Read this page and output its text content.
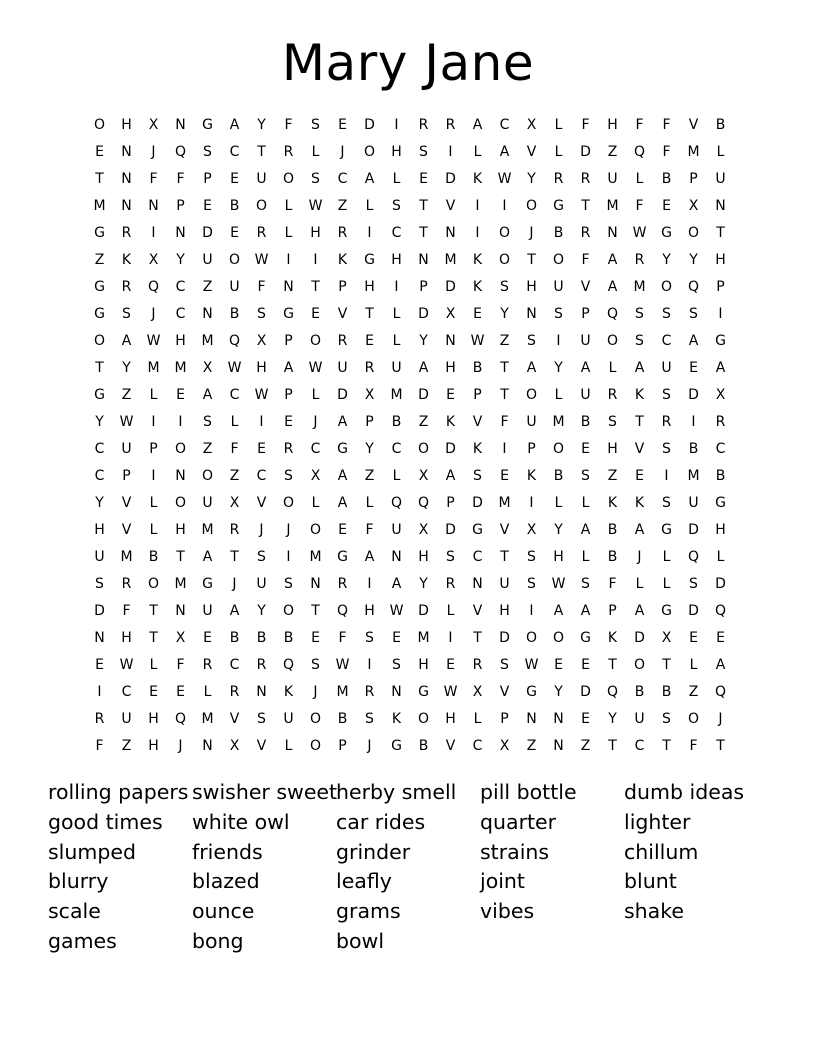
Mary Jane
O	H	X	N	G	A	Y	F	S	E	D	I	R	R	A	C	X	L	F	H	F	F	V	B
E	N	J	Q	S	C	T	R	L	J	O	H	S	I	L	A	V	L	D	Z	Q	F	M	L
T	N	F	F	P	E	U	O	S	C	A	L	E	D	K	W	Y	R	R	U	L	B	P	U
M	N	N	P	E	B	O	L	W	Z	L	S	T	V	I	I	O	G	T	M	F	E	X	N
G	R	I	N	D	E	R	L	H	R	I	C	T	N	I	O	J	B	R	N	W	G	O	T
Z	K	X	Y	U	O	W	I	I	K	G	H	N	M	K	O	T	O	F	A	R	Y	Y	H
G	R	Q	C	Z	U	F	N	T	P	H	I	P	D	K	S	H	U	V	A	M	O	Q	P
G	S	J	C	N	B	S	G	E	V	T	L	D	X	E	Y	N	S	P	Q	S	S	S	I
O	A	W	H	M	Q	X	P	O	R	E	L	Y	N	W	Z	S	I	U	O	S	C	A	G
T	Y	M	M	X	W	H	A	W	U	R	U	A	H	B	T	A	Y	A	L	A	U	E	A
G	Z	L	E	A	C	W	P	L	D	X	M	D	E	P	T	O	L	U	R	K	S	D	X
Y	W	I	I	S	L	I	E	J	A	P	B	Z	K	V	F	U	M	B	S	T	R	I	R
C	U	P	O	Z	F	E	R	C	G	Y	C	O	D	K	I	P	O	E	H	V	S	B	C
C	P	I	N	O	Z	C	S	X	A	Z	L	X	A	S	E	K	B	S	Z	E	I	M	B
Y	V	L	O	U	X	V	O	L	A	L	Q	Q	P	D	M	I	L	L	K	K	S	U	G
H	V	L	H	M	R	J	J	O	E	F	U	X	D	G	V	X	Y	A	B	A	G	D	H
U	M	B	T	A	T	S	I	M	G	A	N	H	S	C	T	S	H	L	B	J	L	Q	L
S	R	O	M	G	J	U	S	N	R	I	A	Y	R	N	U	S	W	S	F	L	L	S	D
D	F	T	N	U	A	Y	O	T	Q	H	W	D	L	V	H	I	A	A	P	A	G	D	Q
N	H	T	X	E	B	B	B	E	F	S	E	M	I	T	D	O	O	G	K	D	X	E	E
E	W	L	F	R	C	R	Q	S	W	I	S	H	E	R	S	W	E	E	T	O	T	L	A
I	C	E	E	L	R	N	K	J	M	R	N	G	W	X	V	G	Y	D	Q	B	B	Z	Q
R	U	H	Q	M	V	S	U	O	B	S	K	O	H	L	P	N	N	E	Y	U	S	O	J
F	Z	H	J	N	X	V	L	O	P	J	G	B	V	C	X	Z	N	Z	T	C	T	F	T
rolling papers
good times
slumped
blurry
scale
games
swisher sweet
white owl
friends
blazed
ounce
bong
herby smell
car rides
grinder
leafly
grams
bowl
pill bottle
quarter
strains
joint
vibes
dumb ideas
lighter
chillum
blunt
shake
